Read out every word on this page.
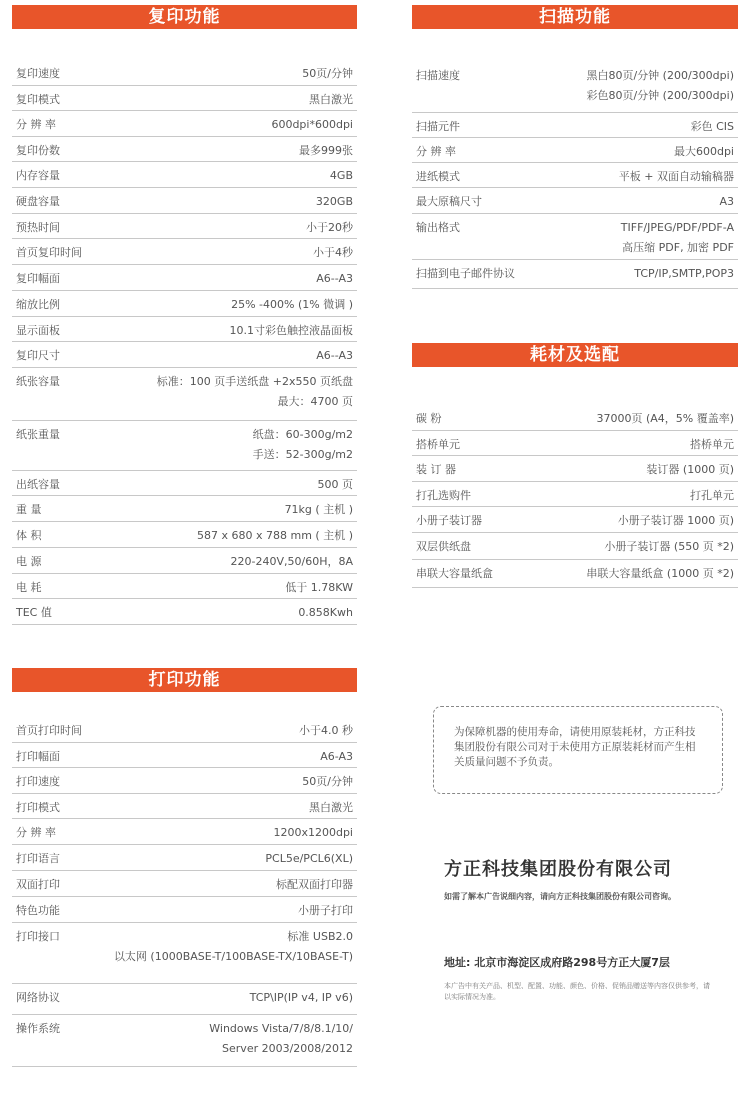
复印功能
复印速度	50页/分钟
复印模式	黑白激光
分 辨 率	600dpi*600dpi
复印份数	最多999张
内存容量	4GB
硬盘容量	320GB
预热时间	小于20秒
首页复印时间	小于4秒
复印幅面	A6--A3
缩放比例	25% -400% (1% 微调 )
显示面板	10.1寸彩色触控液晶面板
复印尺寸	A6--A3
纸张容量	标准：100 页手送纸盘 +2x550 页纸盘
最大：4700 页
纸张重量	纸盘：60-300g/m2
手送：52-300g/m2
出纸容量	500 页
重 量	71kg ( 主机 )
体 积	587 x 680 x 788 mm ( 主机 )
电 源	220-240V,50/60H，8A
电 耗	低于 1.78KW
TEC 值	0.858Kwh
打印功能
首页打印时间	小于4.0 秒
打印幅面	A6-A3
打印速度	50页/分钟
打印模式	黑白激光
分 辨 率	1200x1200dpi
打印语言	PCL5e/PCL6(XL)
双面打印	标配双面打印器
特色功能	小册子打印
打印接口	标准 USB2.0
以太网 (1000BASE-T/100BASE-TX/10BASE-T)
网络协议	TCP\IP(IP v4, IP v6)
操作系统	Windows Vista/7/8/8.1/10/
Server 2003/2008/2012
扫描功能
扫描速度	黑白80页/分钟 (200/300dpi)
彩色80页/分钟 (200/300dpi)
扫描元件	彩色 CIS
分 辨 率	最大600dpi
进纸模式	平板 + 双面自动输稿器
最大原稿尺寸	A3
输出格式	TIFF/JPEG/PDF/PDF-A
高压缩 PDF, 加密 PDF
扫描到电子邮件协议	TCP/IP,SMTP,POP3
耗材及选配
碳 粉	37000页 (A4，5% 覆盖率)
搭桥单元	搭桥单元
装 订 器	装订器 (1000 页)
打孔选购件	打孔单元
小册子装订器	小册子装订器 1000 页)
双层供纸盘	小册子装订器 (550 页 *2)
串联大容量纸盒	串联大容量纸盒 (1000 页 *2)
为保障机器的使用寿命，请使用原装耗材，方正科技集团股份有限公司对于未使用方正原装耗材而产生相关质量问题不予负责。
方正科技集团股份有限公司
如需了解本广告说细内容，请向方正科技集团股份有限公司咨询。
地址: 北京市海淀区成府路298号方正大厦7层
本广告中有关产品、机型、配置、功能、颜色、价格、促销品赠送等内容仅供参考，请以实际情况为准。
